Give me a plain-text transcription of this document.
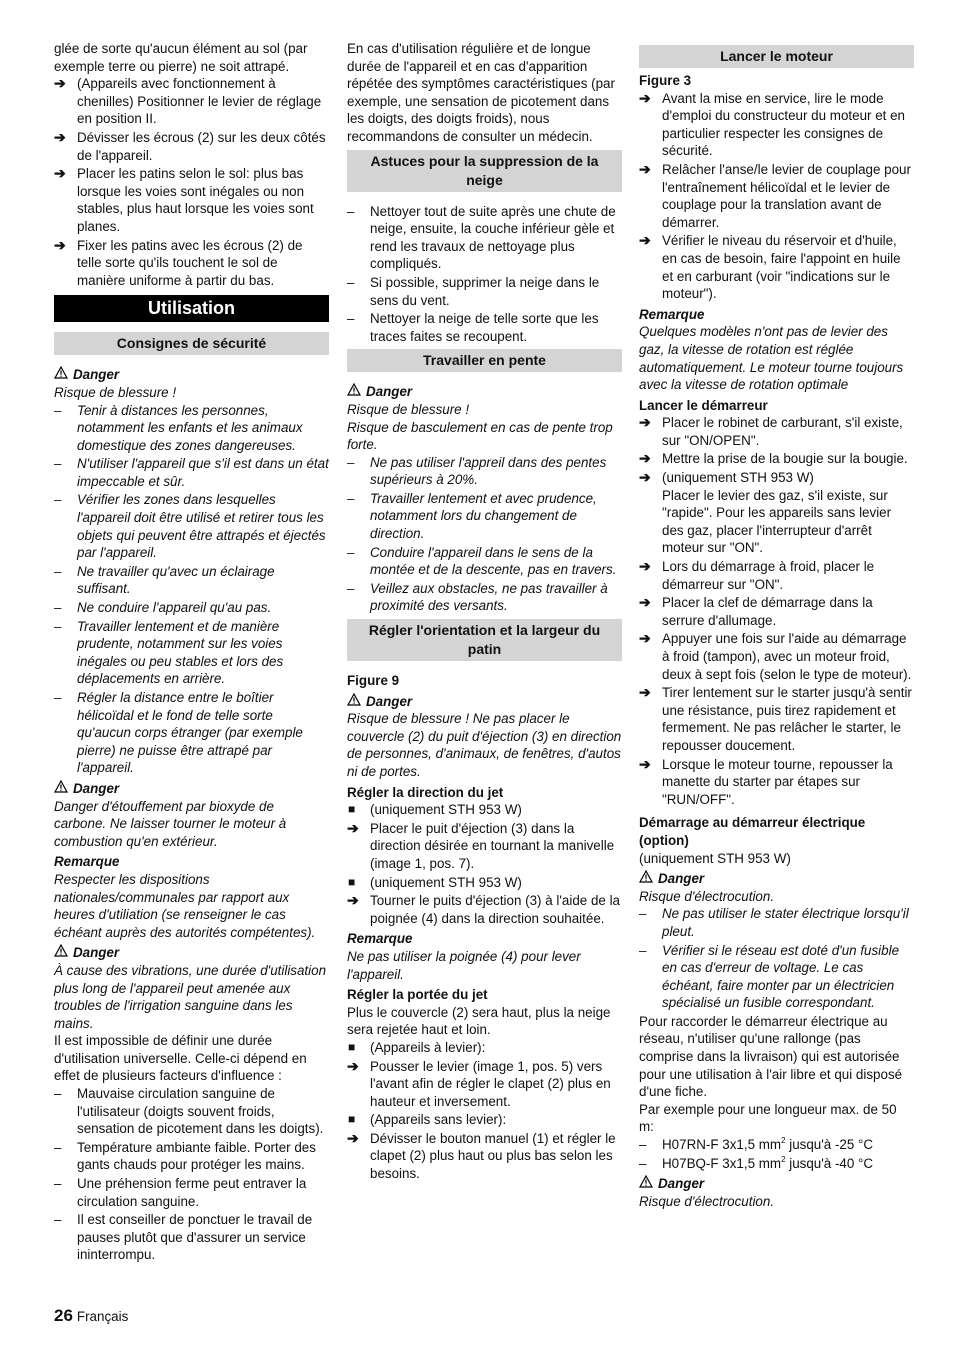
glée de sorte qu'aucun élément au sol (par exemple terre ou pierre) ne soit attrapé.

➔ (Appareils avec fonctionnement à chenilles) Positionner le levier de réglage en position II.
➔ Dévisser les écrous (2) sur les deux côtés de l'appareil.
➔ Placer les patins selon le sol: plus bas lorsque les voies sont inégales ou non stables, plus haut lorsque les voies sont planes.
➔ Fixer les patins avec les écrous (2) de telle sorte qu'ils touchent le sol de manière uniforme à partir du bas.
Utilisation
Consignes de sécurité
Danger

Risque de blessure !

– Tenir à distances les personnes, notamment les enfants et les animaux domestique des zones dangereuses.
– N'utiliser l'appareil que s'il est dans un état impeccable et sûr.
– Vérifier les zones dans lesquelles l'appareil doit être utilisé et retirer tous les objets qui peuvent être attrapés et éjectés par l'appareil.
– Ne travailler qu'avec un éclairage suffisant.
– Ne conduire l'appareil qu'au pas.
– Travailler lentement et de manière prudente, notamment sur les voies inégales ou peu stables et lors des déplacements en arrière.
– Régler la distance entre le boîtier hélicoïdal et le fond de telle sorte qu'aucun corps étranger (par exemple pierre) ne puisse être attrapé par l'appareil.
Danger

Danger d'étouffement par bioxyde de carbone. Ne laisser tourner le moteur à combustion qu'en extérieur.

Remarque

Respecter les dispositions nationales/communales par rapport aux heures d'utiliation (se renseigner le cas échéant auprès des autorités compétentes).

Danger

À cause des vibrations, une durée d'utilisation plus long de l'appareil peut amenée aux troubles de l'irrigation sanguine dans les mains.

Il est impossible de définir une durée d'utilisation universelle. Celle-ci dépend en effet de plusieurs facteurs d'influence :

– Mauvaise circulation sanguine de l'utilisateur (doigts souvent froids, sensation de picotement dans les doigts).
– Température ambiante faible. Porter des gants chauds pour protéger les mains.
– Une préhension ferme peut entraver la circulation sanguine.
– Il est conseiller de ponctuer le travail de pauses plutôt que d'assurer un service ininterrompu.

En cas d'utilisation régulière et de longue durée de l'appareil et en cas d'apparition répétée des symptômes caractéristiques (par exemple, une sensation de picotement dans les doigts, des doigts froids), nous recommandons de consulter un médecin.

Astuces pour la suppression de la neige
– Nettoyer tout de suite après une chute de neige, ensuite, la couche inférieur gèle et rend les travaux de nettoyage plus compliqués.
– Si possible, supprimer la neige dans le sens du vent.
– Nettoyer la neige de telle sorte que les traces faites se recoupent.
Travailler en pente
Danger

Risque de blessure !

Risque de basculement en cas de pente trop forte.

– Ne pas utiliser l'appreil dans des pentes supérieurs à 20%.
– Travailler lentement et avec prudence, notamment lors du changement de direction.
– Conduire l'appareil dans le sens de la montée et de la descente, pas en travers.
– Veillez aux obstacles, ne pas travailler à proximité des versants.
Régler l'orientation et la largeur du patin
Figure 9
Danger

Risque de blessure ! Ne pas placer le couvercle (2) du puit d'éjection (3) en direction de personnes, d'animaux, de fenêtres, d'autos ni de portes.

Régler la direction du jet
■ (uniquement STH 953 W)
➔ Placer le puit d'éjection (3) dans la direction désirée en tournant la manivelle (image 1, pos. 7).
■ (uniquement STH 953 W)
➔ Tourner le puits d'éjection (3) à l'aide de la poignée (4) dans la direction souhaitée.
Remarque

Ne pas utiliser la poignée (4) pour lever l'appareil.

Régler la portée du jet

Plus le couvercle (2) sera haut, plus la neige sera rejetée haut et loin.

■ (Appareils à levier):
➔ Pousser le levier (image 1, pos. 5) vers l'avant afin de régler le clapet (2) plus en hauteur et inversement.
■ (Appareils sans levier):
➔ Dévisser le bouton manuel (1) et régler le clapet (2) plus haut ou plus bas selon les besoins.
Lancer le moteur
Figure 3
➔ Avant la mise en service, lire le mode d'emploi du constructeur du moteur et en particulier respecter les consignes de sécurité.
➔ Relâcher l'anse/le levier de couplage pour l'entraînement hélicoïdal et le levier de couplage pour la translation avant de démarrer.
➔ Vérifier le niveau du réservoir et d'huile, en cas de besoin, faire l'appoint en huile et en carburant (voir "indications sur le moteur").
Remarque

Quelques modèles n'ont pas de levier des gaz, la vitesse de rotation est réglée automatiquement. Le moteur tourne toujours avec la vitesse de rotation optimale

Lancer le démarreur
➔ Placer le robinet de carburant, s'il existe, sur "ON/OPEN".
➔ Mettre la prise de la bougie sur la bougie.
➔ (uniquement STH 953 W)
Placer le levier des gaz, s'il existe, sur "rapide". Pour les appareils sans levier des gaz, placer l'interrupteur d'arrêt moteur sur "ON".
➔ Lors du démarrage à froid, placer le démarreur sur "ON".
➔ Placer la clef de démarrage dans la serrure d'allumage.
➔ Appuyer une fois sur l'aide au démarrage à froid (tampon), avec un moteur froid, deux à sept fois (selon le type de moteur).
➔ Tirer lentement sur le starter jusqu'à sentir une résistance, puis tirez rapidement et fermement. Ne pas relâcher le starter, le repousser doucement.
➔ Lorsque le moteur tourne, repousser la manette du starter par étapes sur "RUN/OFF".
Démarrage au démarreur électrique (option)

(uniquement STH 953 W)

Danger

Risque d'électrocution.

– Ne pas utiliser le stater électrique lorsqu'il pleut.
– Vérifier si le réseau est doté d'un fusible en cas d'erreur de voltage. Le cas échéant, faire monter par un électricien spécialisé un fusible correspondant.

Pour raccorder le démarreur électrique au réseau, n'utiliser qu'une rallonge (pas comprise dans la livraison) qui est autorisée pour une utilisation à l'air libre et qui disposé d'une fiche.

Par exemple pour une longueur max. de 50 m:

– H07RN-F 3x1,5 $mm^2$ jusqu'à -25 °C
– H07BQ-F 3x1,5 $mm^2$ jusqu'à -40 °C
Danger

Risque d'électrocution.

26 Français
